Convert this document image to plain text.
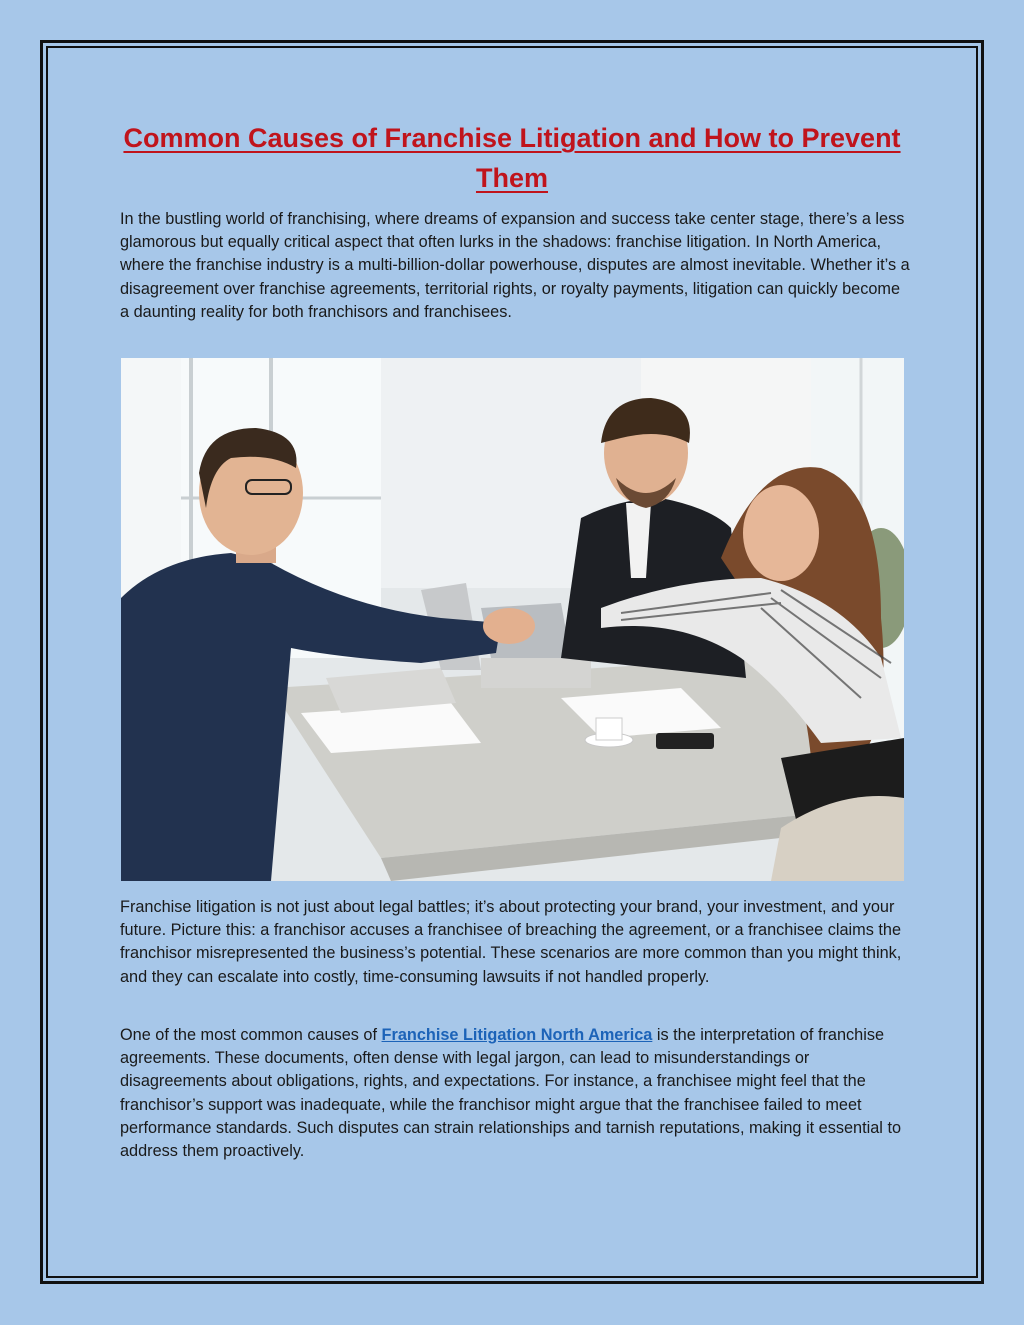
Common Causes of Franchise Litigation and How to Prevent Them

In the bustling world of franchising, where dreams of expansion and success take center stage, there’s a less glamorous but equally critical aspect that often lurks in the shadows: franchise litigation. In North America, where the franchise industry is a multi-billion-dollar powerhouse, disputes are almost inevitable. Whether it’s a disagreement over franchise agreements, territorial rights, or royalty payments, litigation can quickly become a daunting reality for both franchisors and franchisees.

Franchise litigation is not just about legal battles; it’s about protecting your brand, your investment, and your future. Picture this: a franchisor accuses a franchisee of breaching the agreement, or a franchisee claims the franchisor misrepresented the business’s potential. These scenarios are more common than you might think, and they can escalate into costly, time-consuming lawsuits if not handled properly.

One of the most common causes of Franchise Litigation North America is the interpretation of franchise agreements. These documents, often dense with legal jargon, can lead to misunderstandings or disagreements about obligations, rights, and expectations. For instance, a franchisee might feel that the franchisor’s support was inadequate, while the franchisor might argue that the franchisee failed to meet performance standards. Such disputes can strain relationships and tarnish reputations, making it essential to address them proactively.
